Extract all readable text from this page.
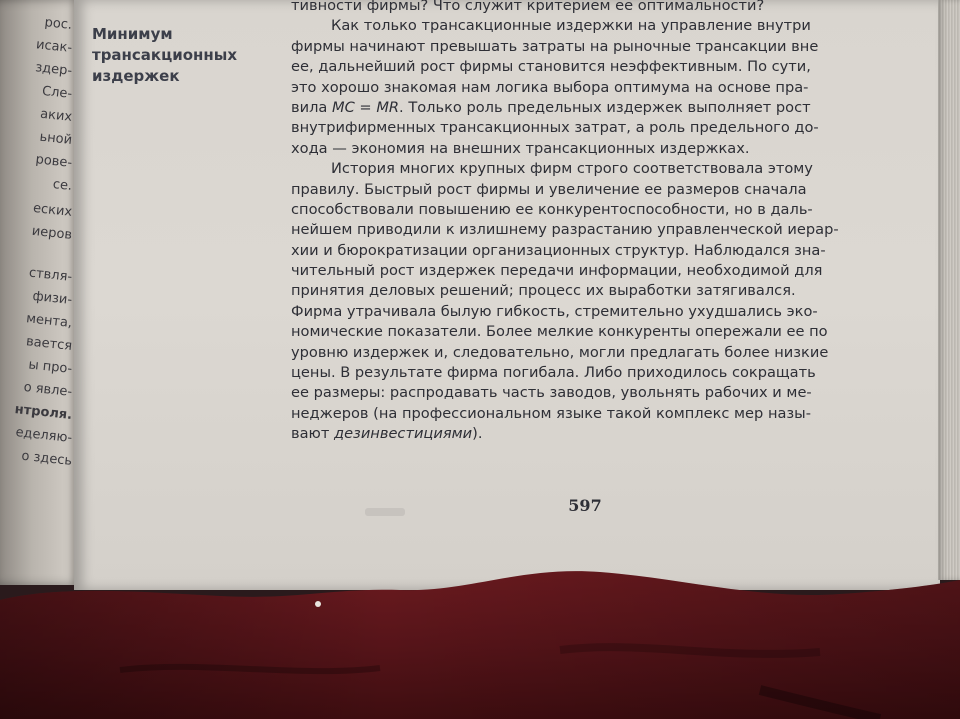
рос.
исак-
здер-
Сле-
аких
ьной
рове-
се.
еских
иеров
ствля-
физи-
мента,
вается
ы про-
о явле-
нтроля.
еделяю-
о здесь
Минимум
трансакционных
издержек
тивности фирмы? Что служит критерием ее оптимальности?
Как только трансакционные издержки на управление внутри
фирмы начинают превышать затраты на рыночные трансакции вне
ее, дальнейший рост фирмы становится неэффективным. По сути,
это хорошо знакомая нам логика выбора оптимума на основе пра-
вила MC = MR. Только роль предельных издержек выполняет рост
внутрифирменных трансакционных затрат, а роль предельного до-
хода — экономия на внешних трансакционных издержках.
История многих крупных фирм строго соответствовала этому
правилу. Быстрый рост фирмы и увеличение ее размеров сначала
способствовали повышению ее конкурентоспособности, но в даль-
нейшем приводили к излишнему разрастанию управленческой иерар-
хии и бюрократизации организационных структур. Наблюдался зна-
чительный рост издержек передачи информации, необходимой для
принятия деловых решений; процесс их выработки затягивался.
Фирма утрачивала былую гибкость, стремительно ухудшались эко-
номические показатели. Более мелкие конкуренты опережали ее по
уровню издержек и, следовательно, могли предлагать более низкие
цены. В результате фирма погибала. Либо приходилось сокращать
ее размеры: распродавать часть заводов, увольнять рабочих и ме-
неджеров (на профессиональном языке такой комплекс мер назы-
вают дезинвестициями).
597
